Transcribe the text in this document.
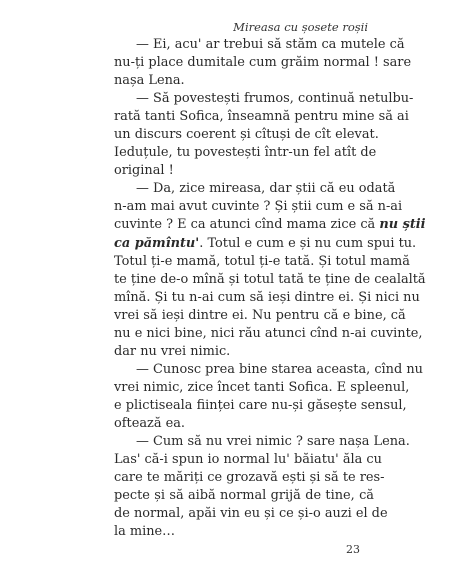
Mireasa cu șosete roșii
— Ei, acu' ar trebui să stăm ca mutele că
nu-ți place dumitale cum grăim normal ! sare
nașa Lena.
— Să povestești frumos, continuă netulbu-
rată tanti Sofica, înseamnă pentru mine să ai
un discurs coerent și cîtuși de cît elevat.
Ieduțule, tu povestești într-un fel atît de
original !
— Da, zice mireasa, dar știi că eu odată
n-am mai avut cuvinte ? Și știi cum e să n-ai
cuvinte ? E ca atunci cînd mama zice că nu știi
ca pămîntu'. Totul e cum e și nu cum spui tu.
Totul ți-e mamă, totul ți-e tată. Și totul mamă
te ține de-o mînă și totul tată te ține de cealaltă
mînă. Și tu n-ai cum să ieși dintre ei. Și nici nu
vrei să ieși dintre ei. Nu pentru că e bine, că
nu e nici bine, nici rău atunci cînd n-ai cuvinte,
dar nu vrei nimic.
— Cunosc prea bine starea aceasta, cînd nu
vrei nimic, zice încet tanti Sofica. E spleenul,
e plictiseala ființei care nu-și găsește sensul,
oftează ea.
— Cum să nu vrei nimic ? sare nașa Lena.
Las' că-i spun io normal lu' băiatu' ăla cu
care te măriți ce grozavă ești și să te res-
pecte și să aibă normal grijă de tine, că
de normal, apăi vin eu și ce și-o auzi el de
la mine…
23
